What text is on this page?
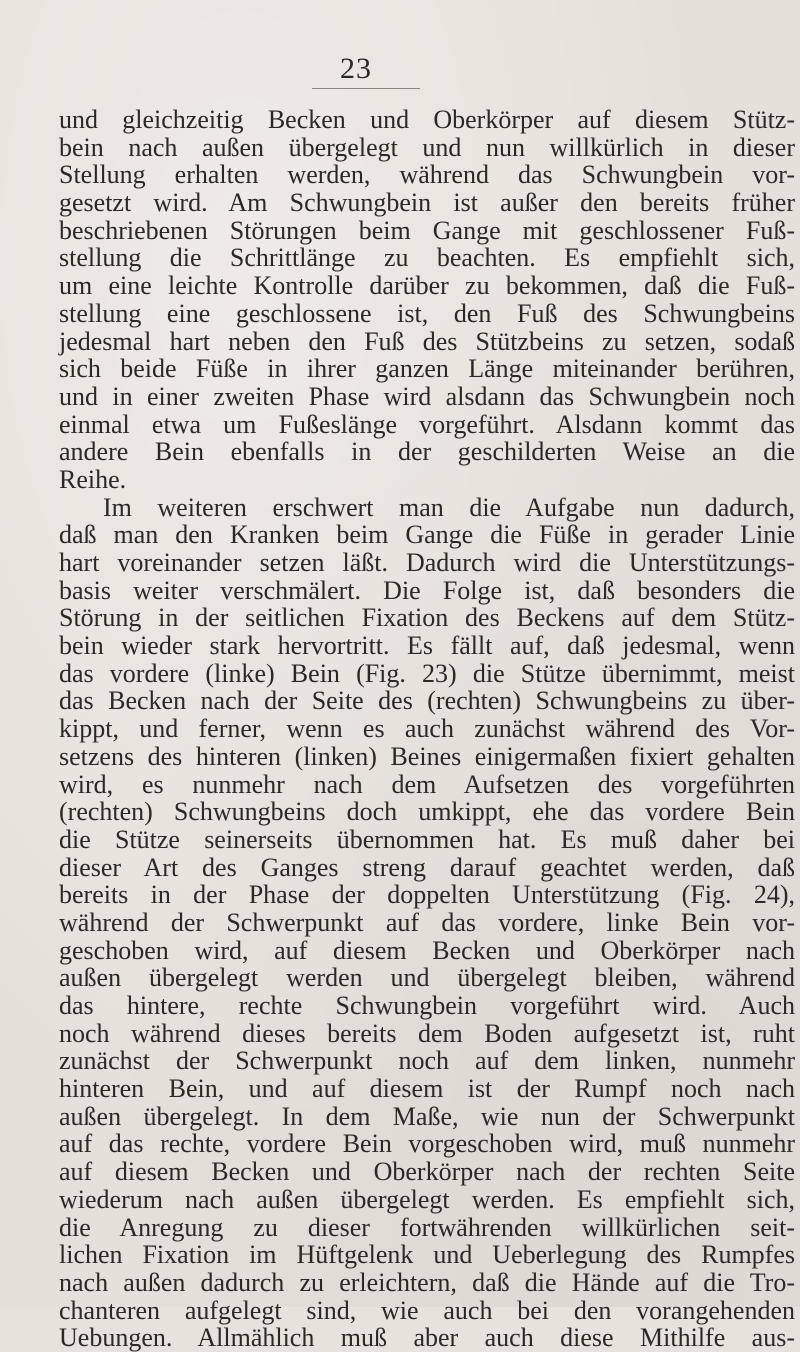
23
und gleichzeitig Becken und Oberkörper auf diesem Stütz-
bein nach außen übergelegt und nun willkürlich in dieser
Stellung erhalten werden, während das Schwungbein vor-
gesetzt wird. Am Schwungbein ist außer den bereits früher
beschriebenen Störungen beim Gange mit geschlossener Fuß-
stellung die Schrittlänge zu beachten. Es empfiehlt sich,
um eine leichte Kontrolle darüber zu bekommen, daß die Fuß-
stellung eine geschlossene ist, den Fuß des Schwungbeins
jedesmal hart neben den Fuß des Stützbeins zu setzen, sodaß
sich beide Füße in ihrer ganzen Länge miteinander berühren,
und in einer zweiten Phase wird alsdann das Schwungbein noch
einmal etwa um Fußeslänge vorgeführt. Alsdann kommt das
andere Bein ebenfalls in der geschilderten Weise an die
Reihe.
Im weiteren erschwert man die Aufgabe nun dadurch,
daß man den Kranken beim Gange die Füße in gerader Linie
hart voreinander setzen läßt. Dadurch wird die Unterstützungs-
basis weiter verschmälert. Die Folge ist, daß besonders die
Störung in der seitlichen Fixation des Beckens auf dem Stütz-
bein wieder stark hervortritt. Es fällt auf, daß jedesmal, wenn
das vordere (linke) Bein (Fig. 23) die Stütze übernimmt, meist
das Becken nach der Seite des (rechten) Schwungbeins zu über-
kippt, und ferner, wenn es auch zunächst während des Vor-
setzens des hinteren (linken) Beines einigermaßen fixiert gehalten
wird, es nunmehr nach dem Aufsetzen des vorgeführten
(rechten) Schwungbeins doch umkippt, ehe das vordere Bein
die Stütze seinerseits übernommen hat. Es muß daher bei
dieser Art des Ganges streng darauf geachtet werden, daß
bereits in der Phase der doppelten Unterstützung (Fig. 24),
während der Schwerpunkt auf das vordere, linke Bein vor-
geschoben wird, auf diesem Becken und Oberkörper nach
außen übergelegt werden und übergelegt bleiben, während
das hintere, rechte Schwungbein vorgeführt wird. Auch
noch während dieses bereits dem Boden aufgesetzt ist, ruht
zunächst der Schwerpunkt noch auf dem linken, nunmehr
hinteren Bein, und auf diesem ist der Rumpf noch nach
außen übergelegt. In dem Maße, wie nun der Schwerpunkt
auf das rechte, vordere Bein vorgeschoben wird, muß nunmehr
auf diesem Becken und Oberkörper nach der rechten Seite
wiederum nach außen übergelegt werden. Es empfiehlt sich,
die Anregung zu dieser fortwährenden willkürlichen seit-
lichen Fixation im Hüftgelenk und Ueberlegung des Rumpfes
nach außen dadurch zu erleichtern, daß die Hände auf die Tro-
chanteren aufgelegt sind, wie auch bei den vorangehenden
Uebungen. Allmählich muß aber auch diese Mithilfe aus-
